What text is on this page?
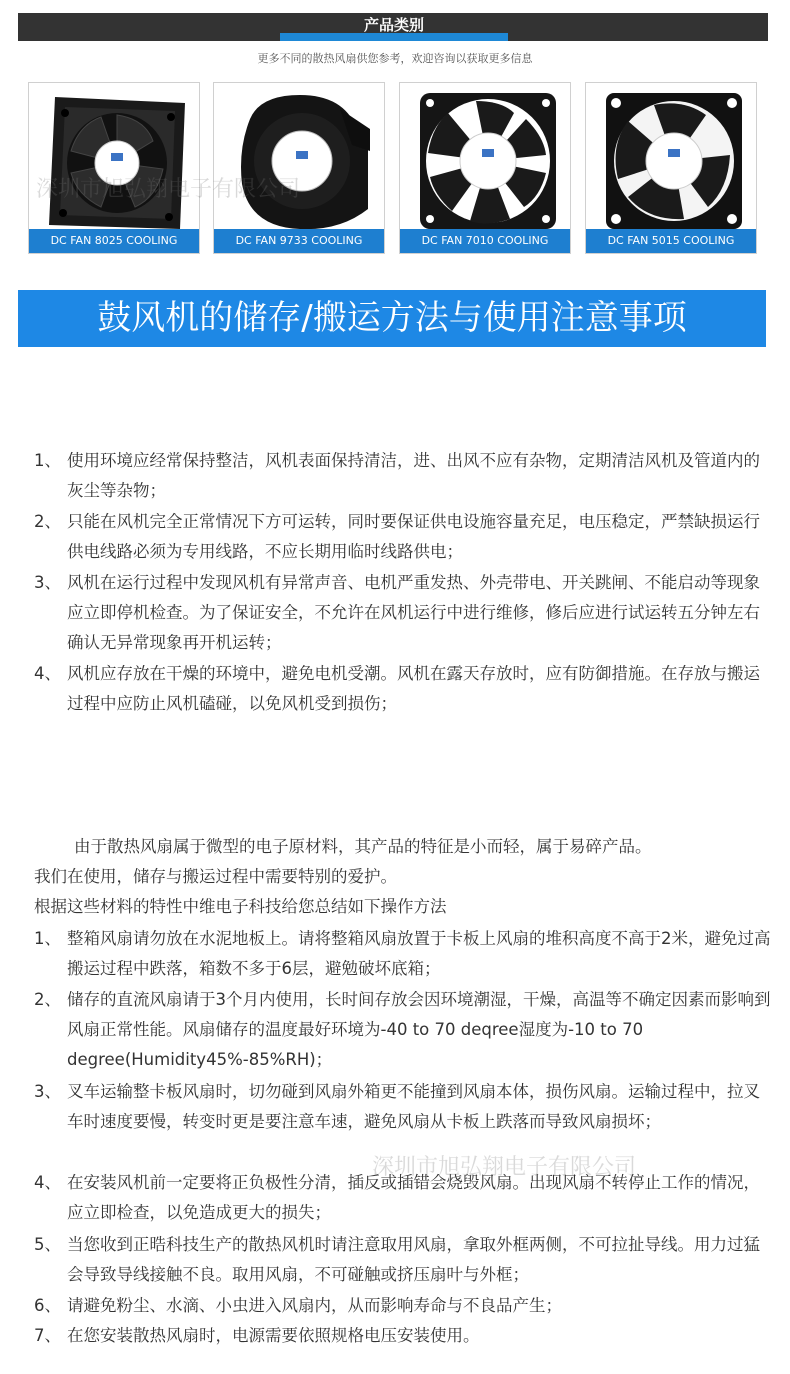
产品类别
更多不同的散热风扇供您参考，欢迎咨询以获取更多信息
DC FAN 8025 COOLING	DC FAN 9733 COOLING	DC FAN 7010 COOLING	DC FAN 5015 COOLING
深圳市旭弘翔电子有限公司
鼓风机的储存/搬运方法与使用注意事项
1、 使用环境应经常保持整洁，风机表面保持清洁，进、出风不应有杂物，定期清洁风机及管道内的灰尘等杂物；
2、 只能在风机完全正常情况下方可运转，同时要保证供电设施容量充足，电压稳定，严禁缺损运行供电线路必须为专用线路，不应长期用临时线路供电；
3、 风机在运行过程中发现风机有异常声音、电机严重发热、外壳带电、开关跳闸、不能启动等现象应立即停机检查。为了保证安全，不允许在风机运行中进行维修，修后应进行试运转五分钟左右确认无异常现象再开机运转；
4、 风机应存放在干燥的环境中，避免电机受潮。风机在露天存放时，应有防御措施。在存放与搬运过程中应防止风机磕碰，以免风机受到损伤；
由于散热风扇属于微型的电子原材料，其产品的特征是小而轻，属于易碎产品。
我们在使用，储存与搬运过程中需要特别的爱护。
根据这些材料的特性中维电子科技给您总结如下操作方法
1、 整箱风扇请勿放在水泥地板上。请将整箱风扇放置于卡板上风扇的堆积高度不高于2米，避免过高搬运过程中跌落，箱数不多于6层，避勉破坏底箱；
2、 储存的直流风扇请于3个月内使用，长时间存放会因环境潮湿，干燥，高温等不确定因素而影响到风扇正常性能。风扇储存的温度最好环境为-40 to 70 deqree湿度为-10 to 70 degree(Humidity45%-85%RH)；
3、 叉车运输整卡板风扇时，切勿碰到风扇外箱更不能撞到风扇本体，损伤风扇。运输过程中，拉叉车时速度要慢，转变时更是要注意车速，避免风扇从卡板上跌落而导致风扇损坏；
4、 在安装风机前一定要将正负极性分清，插反或插错会烧毁风扇。出现风扇不转停止工作的情况，应立即检查，以免造成更大的损失；
5、 当您收到正晧科技生产的散热风机时请注意取用风扇，拿取外框两侧，不可拉扯导线。用力过猛会导致导线接触不良。取用风扇，不可碰触或挤压扇叶与外框；
6、 请避免粉尘、水滴、小虫进入风扇内，从而影响寿命与不良品产生；
7、 在您安装散热风扇时，电源需要依照规格电压安装使用。
深圳市旭弘翔电子有限公司
